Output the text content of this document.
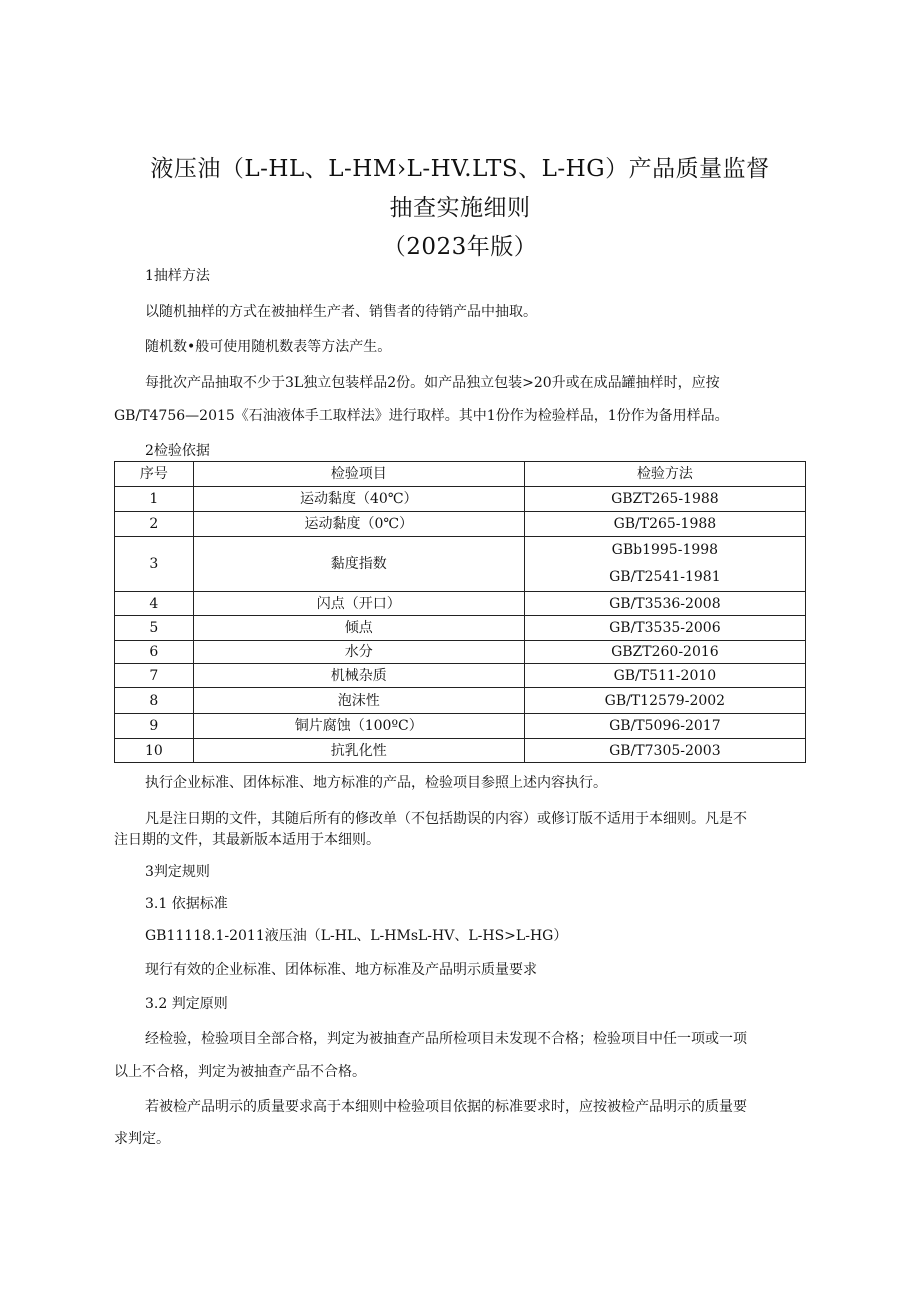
液压油（L-HL、L-HM›L-HV.LTS、L-HG）产品质量监督
抽查实施细则
（2023年版）
1抽样方法
以随机抽样的方式在被抽样生产者、销售者的待销产品中抽取。
随机数•般可使用随机数表等方法产生。
每批次产品抽取不少于3L独立包装样品2份。如产品独立包装>20升或在成品罐抽样时，应按
GB/T4756—2015《石油液体手工取样法》进行取样。其中1份作为检验样品，1份作为备用样品。
2检验依据
序号	检验项目	检验方法
1	运动黏度（40℃）	GBZT265-1988
2	运动黏度（0℃）	GB/T265-1988
3	黏度指数	GBb1995-1998
GB/T2541-1981

4	闪点（开口）	GB/T3536-2008
5	倾点	GB/T3535-2006
6	水分	GBZT260-2016
7	机械杂质	GB/T511-2010
8	泡沫性	GB/T12579-2002
9	铜片腐蚀（100ºC）	GB/T5096-2017
10	抗乳化性	GB/T7305-2003
执行企业标准、团体标准、地方标准的产品，检验项目参照上述内容执行。
凡是注日期的文件，其随后所有的修改单（不包括勘误的内容）或修订版不适用于本细则。凡是不
注日期的文件，其最新版本适用于本细则。
3判定规则
3.1 依据标准
GB11118.1-2011液压油（L-HL、L-HMsL-HV、L-HS>L-HG）
现行有效的企业标准、团体标准、地方标准及产品明示质量要求
3.2 判定原则
经检验，检验项目全部合格，判定为被抽查产品所检项目未发现不合格；检验项目中任一项或一项
以上不合格，判定为被抽查产品不合格。
若被检产品明示的质量要求高于本细则中检验项目依据的标准要求时，应按被检产品明示的质量要
求判定。
